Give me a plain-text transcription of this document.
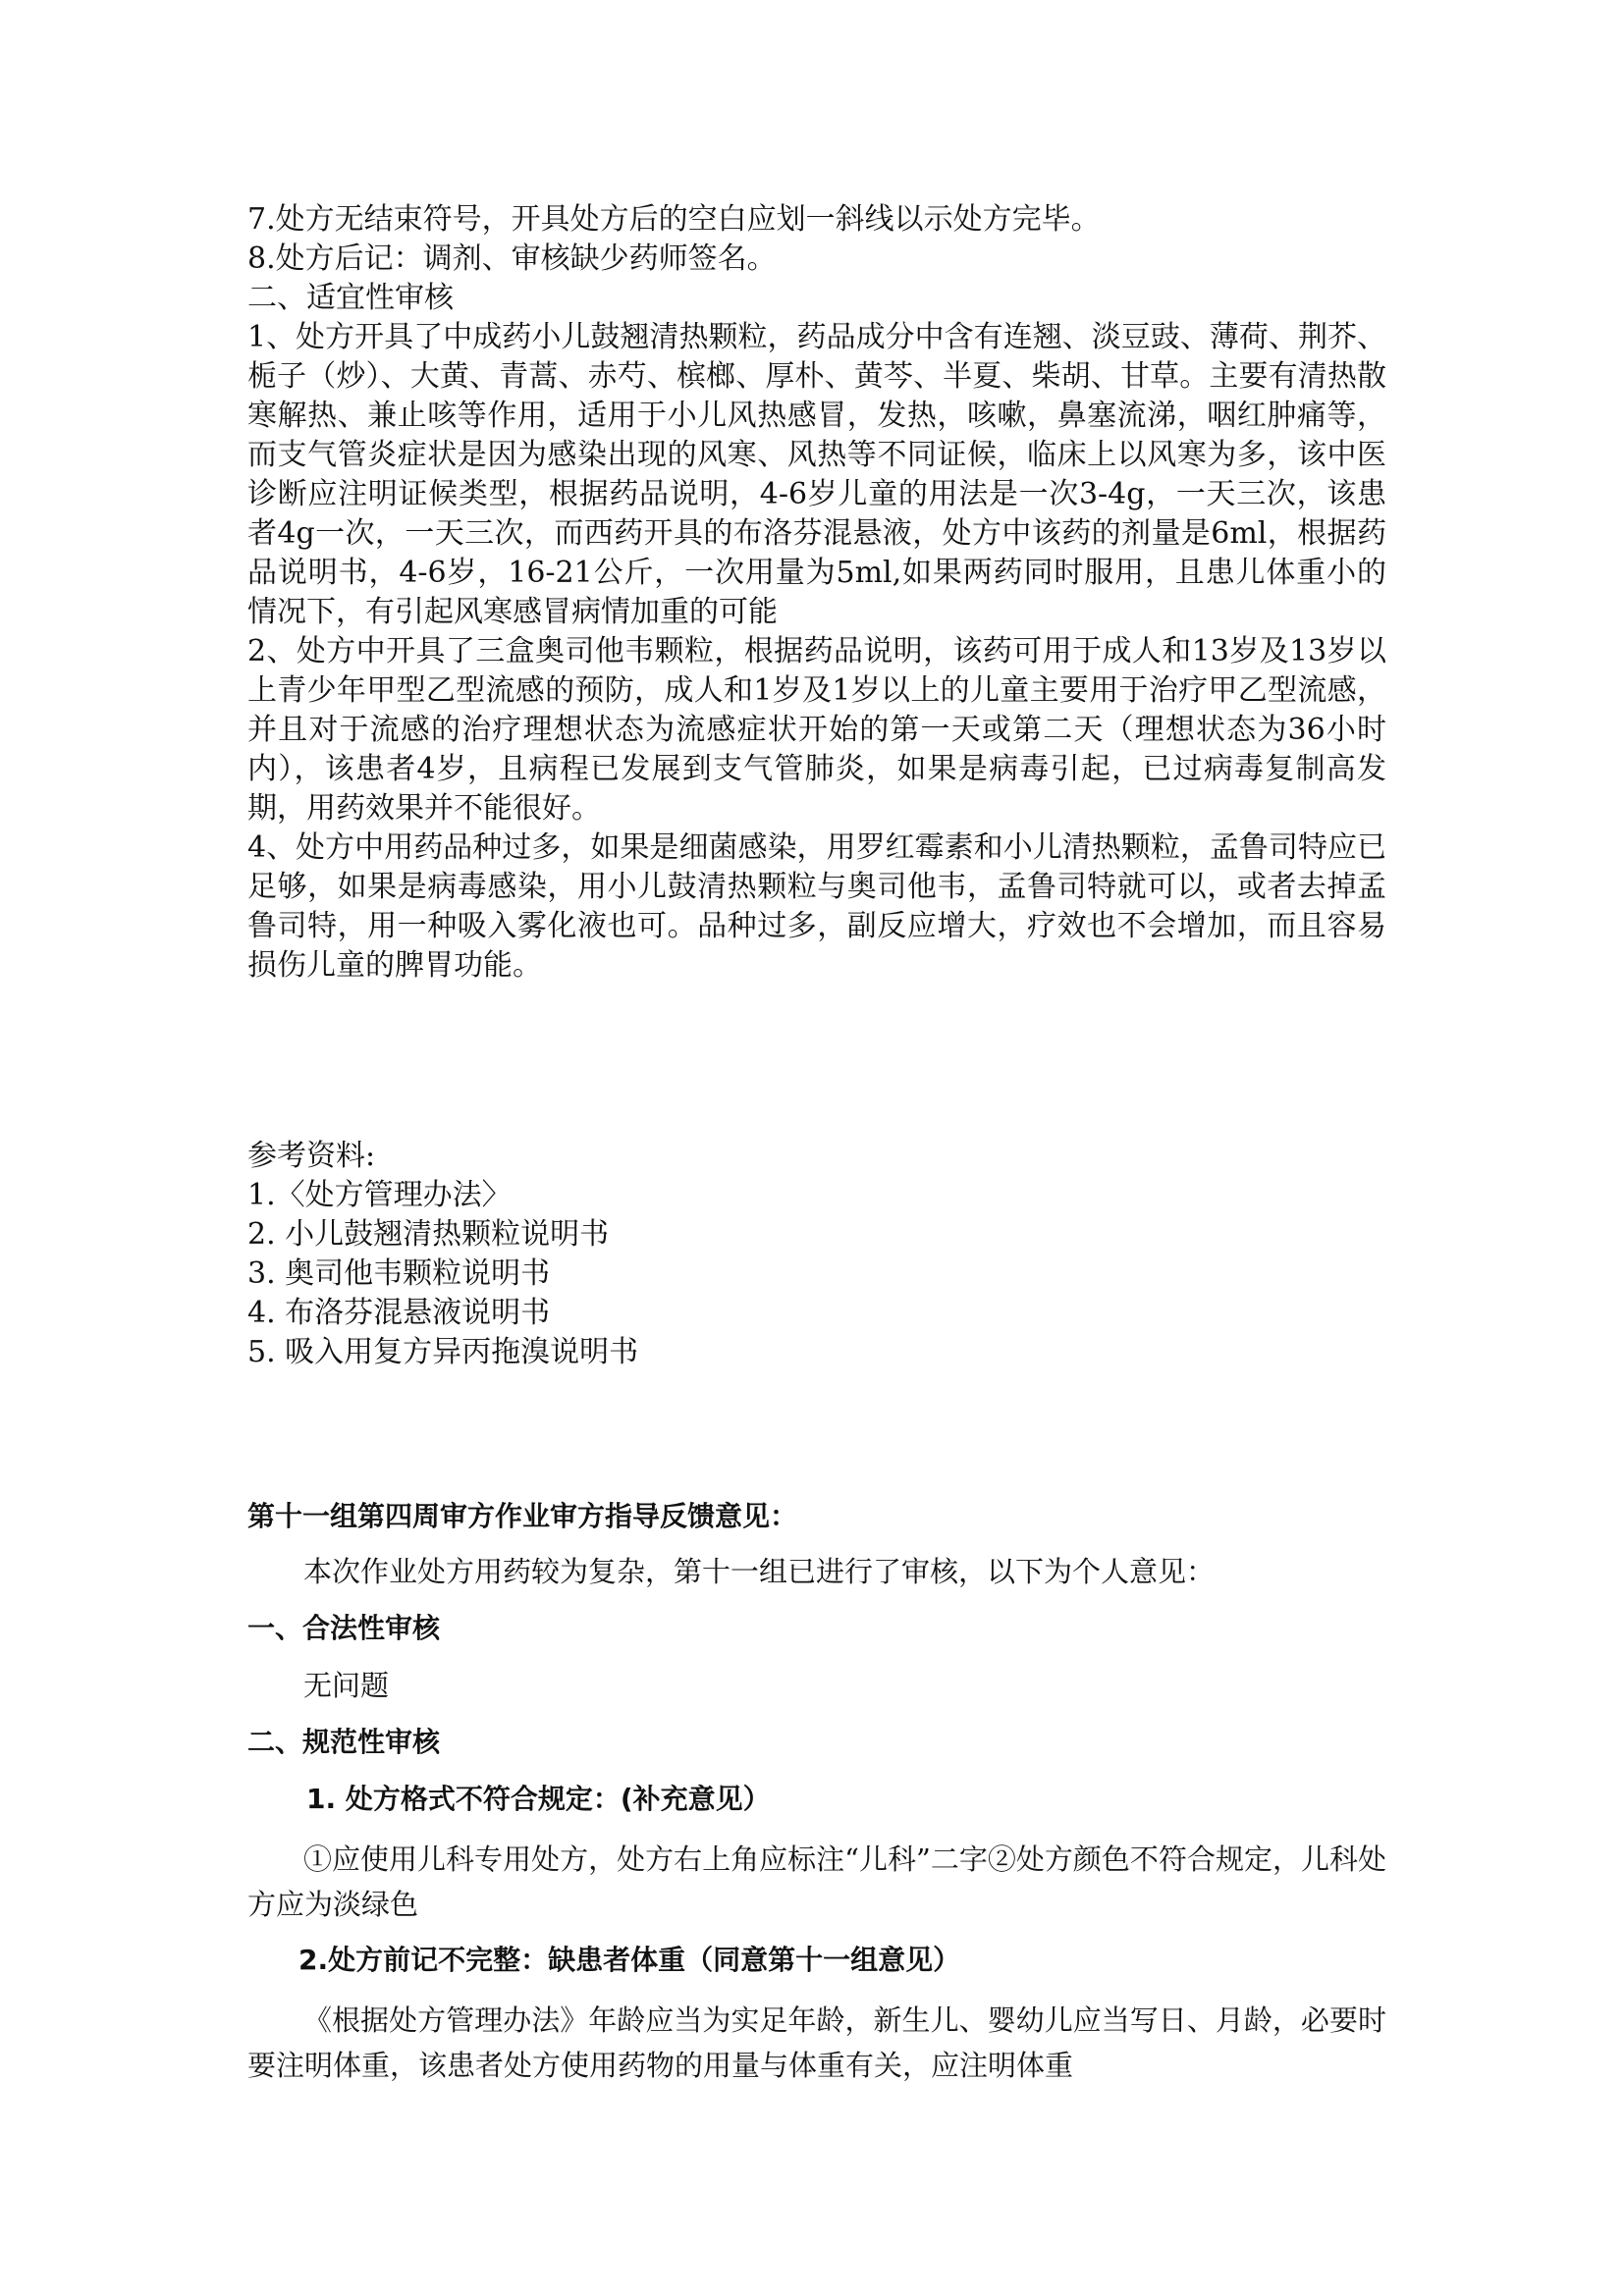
7.处方无结束符号，开具处方后的空白应划一斜线以示处方完毕。

8.处方后记：调剂、审核缺少药师签名。

二、适宜性审核

1、处方开具了中成药小儿鼓翘清热颗粒，药品成分中含有连翘、淡豆豉、薄荷、荆芥、栀子（炒）、大黄、青蒿、赤芍、槟榔、厚朴、黄芩、半夏、柴胡、甘草。主要有清热散寒解热、兼止咳等作用，适用于小儿风热感冒，发热，咳嗽，鼻塞流涕，咽红肿痛等，而支气管炎症状是因为感染出现的风寒、风热等不同证候，临床上以风寒为多，该中医诊断应注明证候类型，根据药品说明，4-6岁儿童的用法是一次3-4g，一天三次，该患者4g一次，一天三次，而西药开具的布洛芬混悬液，处方中该药的剂量是6ml，根据药品说明书，4-6岁，16-21公斤，一次用量为5ml,如果两药同时服用，且患儿体重小的情况下，有引起风寒感冒病情加重的可能

2、处方中开具了三盒奥司他韦颗粒，根据药品说明，该药可用于成人和13岁及13岁以上青少年甲型乙型流感的预防，成人和1岁及1岁以上的儿童主要用于治疗甲乙型流感，并且对于流感的治疗理想状态为流感症状开始的第一天或第二天（理想状态为36小时内），该患者4岁，且病程已发展到支气管肺炎，如果是病毒引起，已过病毒复制高发期，用药效果并不能很好。

4、处方中用药品种过多，如果是细菌感染，用罗红霉素和小儿清热颗粒，孟鲁司特应已足够，如果是病毒感染，用小儿鼓清热颗粒与奥司他韦，孟鲁司特就可以，或者去掉孟鲁司特，用一种吸入雾化液也可。品种过多，副反应增大，疗效也不会增加，而且容易损伤儿童的脾胃功能。

参考资料:

1.〈处方管理办法〉

2. 小儿鼓翘清热颗粒说明书

3. 奥司他韦颗粒说明书

4. 布洛芬混悬液说明书

5. 吸入用复方异丙拖溴说明书

第十一组第四周审方作业审方指导反馈意见：

本次作业处方用药较为复杂，第十一组已进行了审核，以下为个人意见：

一、合法性审核

无问题

二、规范性审核

1. 处方格式不符合规定：(补充意见）

①应使用儿科专用处方，处方右上角应标注“儿科”二字②处方颜色不符合规定，儿科处方应为淡绿色

2.处方前记不完整：缺患者体重（同意第十一组意见）

《根据处方管理办法》年龄应当为实足年龄，新生儿、婴幼儿应当写日、月龄，必要时要注明体重，该患者处方使用药物的用量与体重有关，应注明体重
